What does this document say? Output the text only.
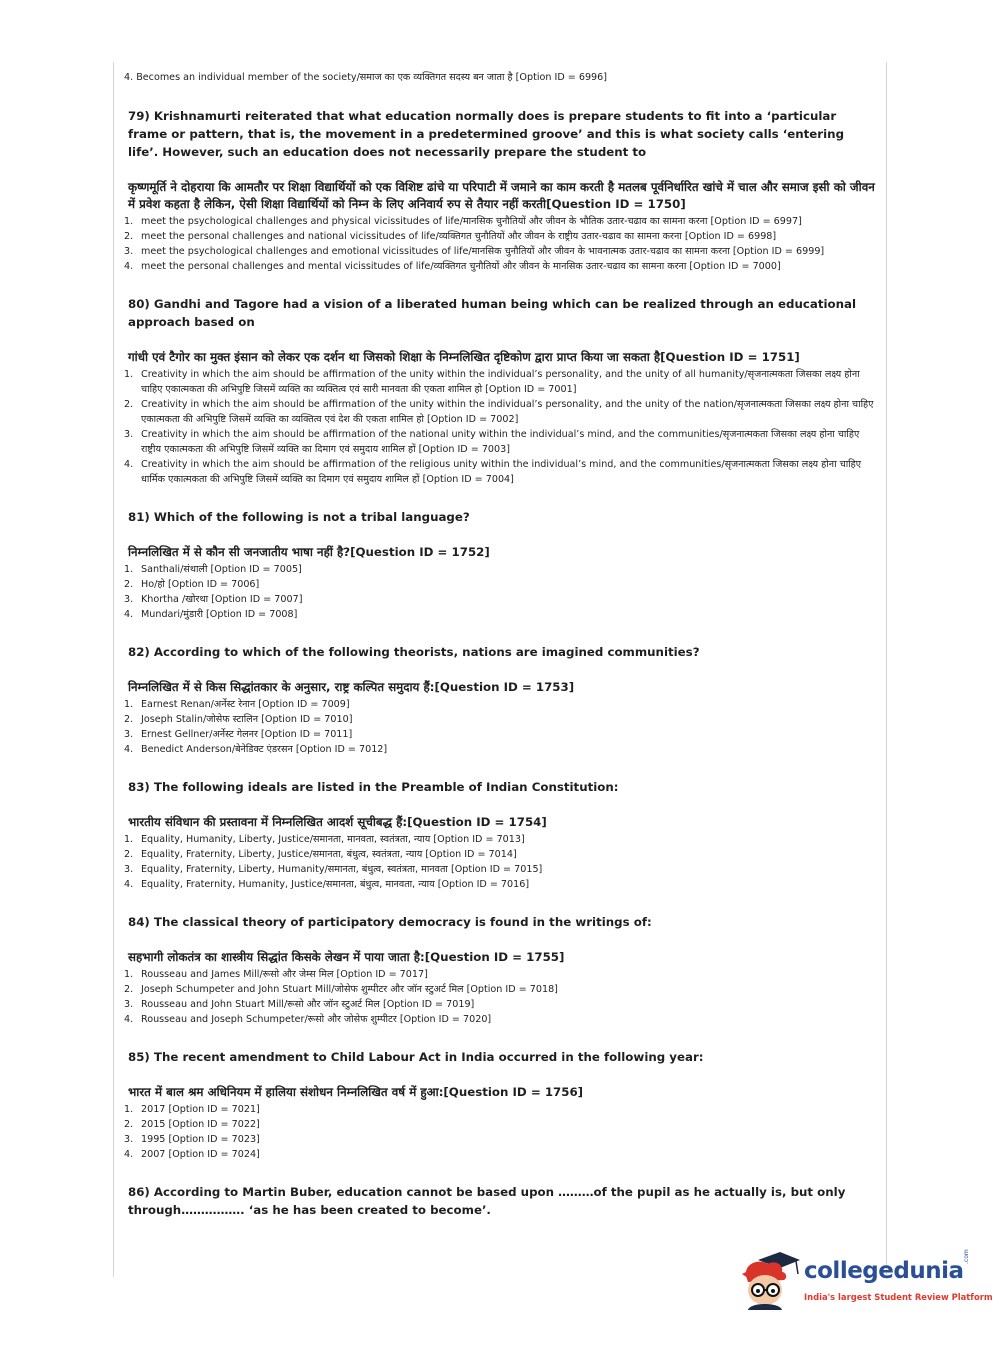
4. Becomes an individual member of the society/समाज का एक व्यक्तिगत सदस्य बन जाता है [Option ID = 6996]
79) Krishnamurti reiterated that what education normally does is prepare students to fit into a ‘particular frame or pattern, that is, the movement in a predetermined groove’ and this is what society calls ‘entering life’. However, such an education does not necessarily prepare the student to
कृष्णमूर्ति ने दोहराया कि आमतौर पर शिक्षा विद्यार्थियों को एक विशिष्ट ढांचे या परिपाटी में जमाने का काम करती है मतलब पूर्वनिर्धारित खांचे में चाल और समाज इसी को जीवन में प्रवेश कहता है लेकिन, ऐसी शिक्षा विद्यार्थियों को निम्न के लिए अनिवार्य रुप से तैयार नहीं करती[Question ID = 1750]
1. meet the psychological challenges and physical vicissitudes of life/मानसिक चुनौतियों और जीवन के भौतिक उतार-चढाव का सामना करना [Option ID = 6997]
2. meet the personal challenges and national vicissitudes of life/व्यक्तिगत चुनौतियों और जीवन के राष्ट्रीय उतार-चढाव का सामना करना [Option ID = 6998]
3. meet the psychological challenges and emotional vicissitudes of life/मानसिक चुनौतियों और जीवन के भावनात्मक उतार-चढाव का सामना करना [Option ID = 6999]
4. meet the personal challenges and mental vicissitudes of life/व्यक्तिगत चुनौतियों और जीवन के मानसिक उतार-चढाव का सामना करना [Option ID = 7000]
80) Gandhi and Tagore had a vision of a liberated human being which can be realized through an educational approach based on
गांधी एवं टैगोर का मुक्त इंसान को लेकर एक दर्शन था जिसको शिक्षा के निम्नलिखित दृष्टिकोण द्वारा प्राप्त किया जा सकता है[Question ID = 1751]
1. Creativity in which the aim should be affirmation of the unity within the individual’s personality, and the unity of all humanity/सृजनात्मकता जिसका लक्ष्य होना चाहिए एकात्मकता की अभिपुष्टि जिसमें व्यक्ति का व्यक्तित्व एवं सारी मानवता की एकता शामिल हो [Option ID = 7001]
2. Creativity in which the aim should be affirmation of the unity within the individual’s personality, and the unity of the nation/सृजनात्मकता जिसका लक्ष्य होना चाहिए एकात्मकता की अभिपुष्टि जिसमें व्यक्ति का व्यक्तित्व एवं देश की एकता शामिल हो [Option ID = 7002]
3. Creativity in which the aim should be affirmation of the national unity within the individual’s mind, and the communities/सृजनात्मकता जिसका लक्ष्य होना चाहिए राष्ट्रीय एकात्मकता की अभिपुष्टि जिसमें व्यक्ति का दिमाग एवं समुदाय शामिल हों [Option ID = 7003]
4. Creativity in which the aim should be affirmation of the religious unity within the individual’s mind, and the communities/सृजनात्मकता जिसका लक्ष्य होना चाहिए धार्मिक एकात्मकता की अभिपुष्टि जिसमें व्यक्ति का दिमाग एवं समुदाय शामिल हों [Option ID = 7004]
81) Which of the following is not a tribal language?
निम्नलिखित में से कौन सी जनजातीय भाषा नहीं है?[Question ID = 1752]
1. Santhali/संथाली [Option ID = 7005]
2. Ho/हो [Option ID = 7006]
3. Khortha /खोरथा [Option ID = 7007]
4. Mundari/मुंडारी [Option ID = 7008]
82) According to which of the following theorists, nations are imagined communities?
निम्नलिखित में से किस सिद्धांतकार के अनुसार, राष्ट्र कल्पित समुदाय हैं:[Question ID = 1753]
1. Earnest Renan/अर्नेस्ट रेनान [Option ID = 7009]
2. Joseph Stalin/जोसेफ स्टालिन [Option ID = 7010]
3. Ernest Gellner/अर्नेस्ट गेलनर [Option ID = 7011]
4. Benedict Anderson/बेनेडिक्ट एंडरसन [Option ID = 7012]
83) The following ideals are listed in the Preamble of Indian Constitution:
भारतीय संविधान की प्रस्तावना में निम्नलिखित आदर्श सूचीबद्ध हैं:[Question ID = 1754]
1. Equality, Humanity, Liberty, Justice/समानता, मानवता, स्वतंत्रता, न्याय [Option ID = 7013]
2. Equality, Fraternity, Liberty, Justice/समानता, बंधुत्व, स्वतंत्रता, न्याय [Option ID = 7014]
3. Equality, Fraternity, Liberty, Humanity/समानता, बंधुत्व, स्वतंत्रता, मानवता [Option ID = 7015]
4. Equality, Fraternity, Humanity, Justice/समानता, बंधुत्व, मानवता, न्याय [Option ID = 7016]
84) The classical theory of participatory democracy is found in the writings of:
सहभागी लोकतंत्र का शास्त्रीय सिद्धांत किसके लेखन में पाया जाता है:[Question ID = 1755]
1. Rousseau and James Mill/रूसो और जेम्स मिल [Option ID = 7017]
2. Joseph Schumpeter and John Stuart Mill/जोसेफ शुम्पीटर और जॉन स्टुअर्ट मिल [Option ID = 7018]
3. Rousseau and John Stuart Mill/रूसो और जॉन स्टुअर्ट मिल [Option ID = 7019]
4. Rousseau and Joseph Schumpeter/रूसो और जोसेफ शुम्पीटर [Option ID = 7020]
85) The recent amendment to Child Labour Act in India occurred in the following year:
भारत में बाल श्रम अधिनियम में हालिया संशोधन निम्नलिखित वर्ष में हुआ:[Question ID = 1756]
1. 2017 [Option ID = 7021]
2. 2015 [Option ID = 7022]
3. 1995 [Option ID = 7023]
4. 2007 [Option ID = 7024]
86) According to Martin Buber, education cannot be based upon ………of the pupil as he actually is, but only through……………. ‘as he has been created to become’.
collegedunia
.com
India's largest Student Review Platform
